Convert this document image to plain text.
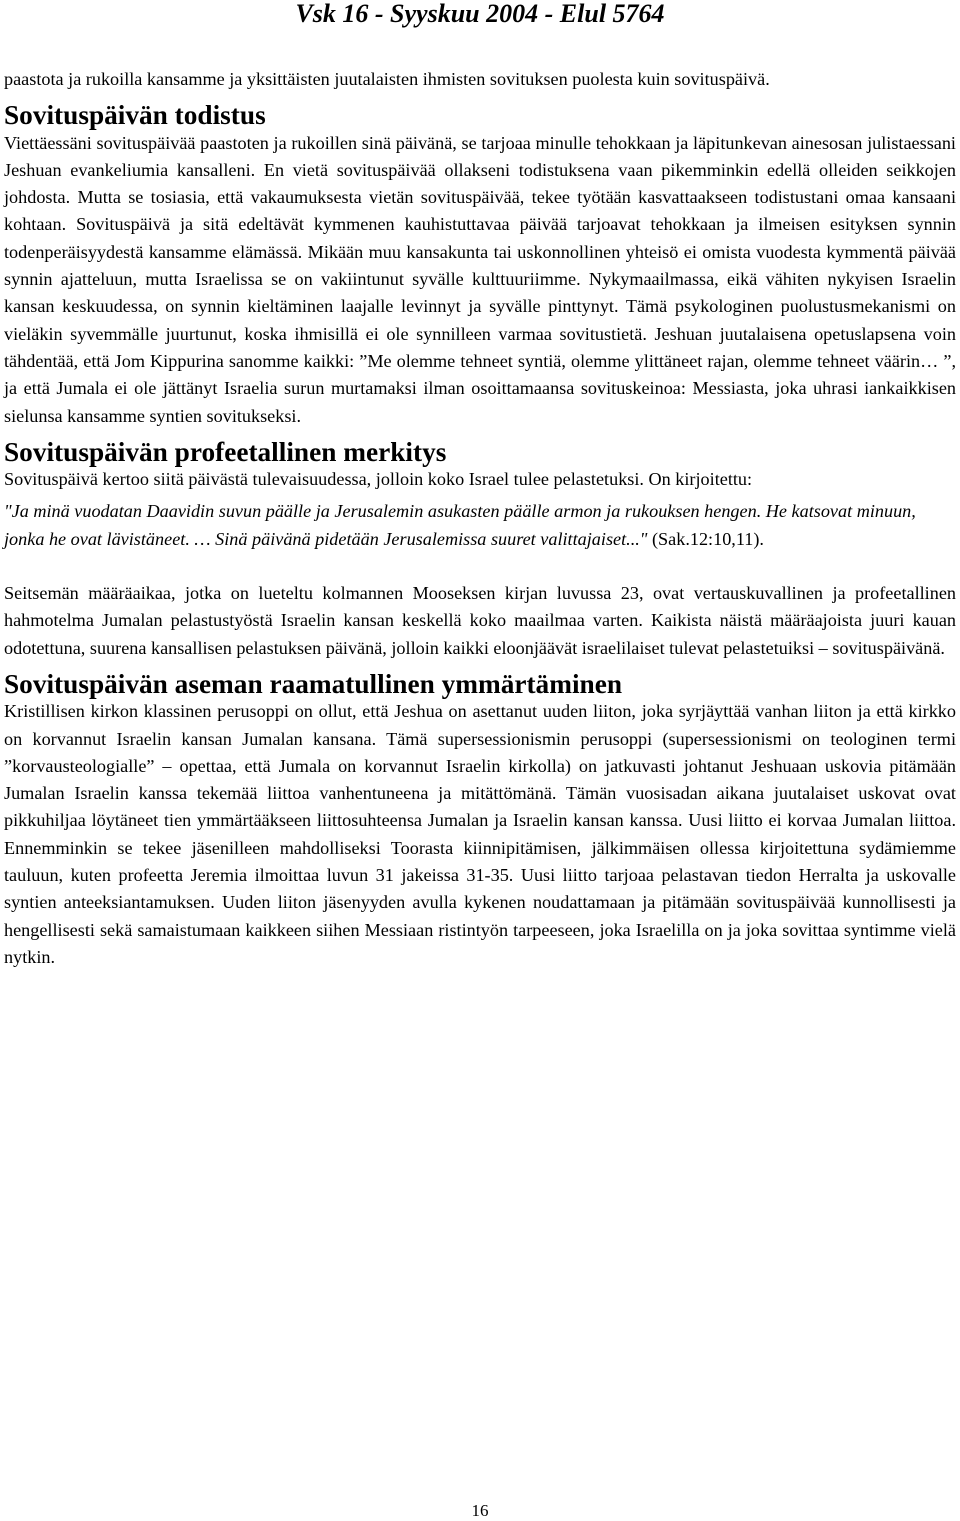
Vsk 16 - Syyskuu 2004 - Elul 5764

paastota ja rukoilla kansamme ja yksittäisten juutalaisten ihmisten sovituksen puolesta kuin sovituspäivä.

Sovituspäivän todistus

Viettäessäni sovituspäivää paastoten ja rukoillen sinä päivänä, se tarjoaa minulle tehokkaan ja läpitunkevan ainesosan julistaessani Jeshuan evankeliumia kansalleni. En vietä sovituspäivää ollakseni todistuksena vaan pikemminkin edellä olleiden seikkojen johdosta. Mutta se tosiasia, että vakaumuksesta vietän sovituspäivää, tekee työtään kasvattaakseen todistustani omaa kansaani kohtaan. Sovituspäivä ja sitä edeltävät kymmenen kauhistuttavaa päivää tarjoavat tehokkaan ja ilmeisen esityksen synnin todenperäisyydestä kansamme elämässä. Mikään muu kansakunta tai uskonnollinen yhteisö ei omista vuodesta kymmentä päivää synnin ajatteluun, mutta Israelissa se on vakiintunut syvälle kulttuuriimme. Nykymaailmassa, eikä vähiten nykyisen Israelin kansan keskuudessa, on synnin kieltäminen laajalle levinnyt ja syvälle pinttynyt. Tämä psykologinen puolustusmekanismi on vieläkin syvemmälle juurtunut, koska ihmisillä ei ole synnilleen varmaa sovitustietä. Jeshuan juutalaisena opetuslapsena voin tähdentää, että Jom Kippurina sanomme kaikki: ”Me olemme tehneet syntiä, olemme ylittäneet rajan, olemme tehneet väärin… ”, ja että Jumala ei ole jättänyt Israelia surun murtamaksi ilman osoittamaansa sovituskeinoa: Messiasta, joka uhrasi iankaikkisen sielunsa kansamme syntien sovitukseksi.

Sovituspäivän profeetallinen merkitys

Sovituspäivä kertoo siitä päivästä tulevaisuudessa, jolloin koko Israel tulee pelastetuksi. On kirjoitettu:

"Ja minä vuodatan Daavidin suvun päälle ja Jerusalemin asukasten päälle armon ja rukouksen hengen. He katsovat minuun, jonka he ovat lävistäneet. … Sinä päivänä pidetään Jerusalemissa suuret valittajaiset..." (Sak.12:10,11).

Seitsemän määräaikaa, jotka on lueteltu kolmannen Mooseksen kirjan luvussa 23, ovat vertauskuvallinen ja profeetallinen hahmotelma Jumalan pelastustyöstä Israelin kansan keskellä koko maailmaa varten. Kaikista näistä määräajoista juuri kauan odotettuna, suurena kansallisen pelastuksen päivänä, jolloin kaikki eloonjäävät israelilaiset tulevat pelastetuiksi – sovituspäivänä.

Sovituspäivän aseman raamatullinen ymmärtäminen

Kristillisen kirkon klassinen perusoppi on ollut, että Jeshua on asettanut uuden liiton, joka syrjäyttää vanhan liiton ja että kirkko on korvannut Israelin kansan Jumalan kansana. Tämä supersessionismin perusoppi (supersessionismi on teologinen termi ”korvausteologialle” – opettaa, että Jumala on korvannut Israelin kirkolla) on jatkuvasti johtanut Jeshuaan uskovia pitämään Jumalan Israelin kanssa tekemää liittoa vanhentuneena ja mitättömänä. Tämän vuosisadan aikana juutalaiset uskovat ovat pikkuhiljaa löytäneet tien ymmärtääkseen liittosuhteensa Jumalan ja Israelin kansan kanssa. Uusi liitto ei korvaa Jumalan liittoa. Ennemminkin se tekee jäsenilleen mahdolliseksi Toorasta kiinnipitämisen, jälkimmäisen ollessa kirjoitettuna sydämiemme tauluun, kuten profeetta Jeremia ilmoittaa luvun 31 jakeissa 31-35. Uusi liitto tarjoaa pelastavan tiedon Herralta ja uskovalle syntien anteeksiantamuksen. Uuden liiton jäsenyyden avulla kykenen noudattamaan ja pitämään sovituspäivää kunnollisesti ja hengellisesti sekä samaistumaan kaikkeen siihen Messiaan ristintyön tarpeeseen, joka Israelilla on ja joka sovittaa syntimme vielä nytkin.

16
